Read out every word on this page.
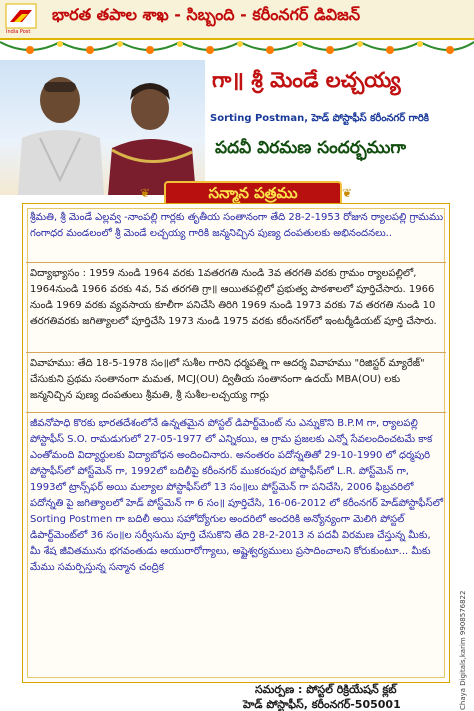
India Post
భారత తపాల శాఖ - సిబ్బంది - కరీంనగర్ డివిజన్
గా॥ శ్రీ మెండే లచ్చయ్య
Sorting Postman, హెడ్ పోస్టాఫీస్ కరీంనగర్ గారికి
పదవీ విరమణ సందర్భముగా
❦	సన్మాన పత్రము	❦
శ్రీమతి, శ్రీ మెండే ఎల్లవ్వ -నాంపల్లి గార్లకు తృతీయ సంతానంగా తేది 28-2-1953 రోజున ర్యాలపల్లి గ్రామము గంగాధర మండలంలో శ్రీ మెండే లచ్చయ్య గారికి జన్మనిచ్చిన పుణ్య దంపతులకు అభినందనలు..
విద్యాభ్యాసం : 1959 నుండి 1964 వరకు 1వతరగతి నుండి 3వ తరగతి వరకు గ్రామం ర్యాలపల్లిలో, 1964నుండి 1966 వరకు 4వ, 5వ తరగతి గ్రా॥ ఆయితపల్లిలో ప్రభుత్వ పాఠశాలలో పూర్తిచేసారు. 1966 నుండి 1969 వరకు వ్యవసాయ కూలీగా పనిచేసి తిరిగి 1969 నుండి 1973 వరకు 7వ తరగతి నుండి 10 తరగతివరకు జగిత్యాలలో పూర్తిచేసి 1973 నుండి 1975 వరకు కరీంనగర్‌లో ఇంటర్మీడియట్ పూర్తి చేసారు.
వివాహము: తేది 18-5-1978 సం॥లో సుశీల గారిని ధర్మపత్ని గా ఆదర్శ వివాహము "రిజిస్టర్ మ్యారేజ్" చేసుకుని ప్రథమ సంతానంగా మమత, MCJ(OU) ద్వితీయ సంతానంగా ఉదయ్ MBA(OU) లకు జన్మనిచ్చిన పుణ్య దంపతులు శ్రీమతి, శ్రీ సుశీల-లచ్చయ్య గార్లు
జీవనోపాధి కొరకు భారతదేశంలోనే ఉన్నతమైన పోస్టల్ డిపార్ట్‌మెంట్ ను ఎన్నుకొని B.P.M గా, ర్యాలపల్లి పోస్టాఫీస్ S.O. రామడుగులో 27-05-1977 లో ఎన్నికయి, ఆ గ్రామ ప్రజలకు ఎన్నో సేవలందించటమే కాక ఎంతోమంది విద్యార్థులకు విద్యాబోధన అందించినారు. అనంతరం పదోన్నతితో 29-10-1990 లో ధర్మపురి పోస్టాఫీస్‌లో పోస్ట్‌మెన్ గా, 1992లో బదిలీపై కరీంనగర్ ముకరంపుర పోస్టాఫీస్‌లో L.R. పోస్ట్‌మెన్ గా, 1993లో ట్రాన్స్‌ఫర్ అయి మల్యాల పోస్టాఫీస్‌లో 13 సం॥లు పోస్ట్‌మెన్ గా పనిచేసి, 2006 ఫిబ్రవరిలో పదోన్నతి పై జగిత్యాలలో హెడ్ పోస్ట్‌మెన్ గా 6 సం॥ పూర్తిచేసి, 16-06-2012 లో కరీంనగర్ హెడ్‌పోస్టాఫీస్‌లో Sorting Postmen గా బదిలీ అయి సహోద్యోగుల అందరిలో అందరికి అన్యోన్యంగా మెలిగి పోస్టల్ డిపార్ట్‌మెంట్‌లో 36 సం॥ల సర్వీసును పూర్తి చేసుకొని తేది 28-2-2013 న పదవీ విరమణ చేస్తున్న మీకు, మీ శేష జీవితమును భగవంతుడు ఆయురారోగ్యాలు, అష్టైశ్వర్యములు ప్రసాదించాలని కోరుకుంటూ... మీకు మేము సమర్పిస్తున్న సన్మాన చంద్రిక
సమర్పణ : పోస్టల్ రిక్రియేషన్ క్లబ్
హెడ్ పోస్టాఫీస్, కరీంనగర్-505001	Chaya Digitals,karim 9908576822
